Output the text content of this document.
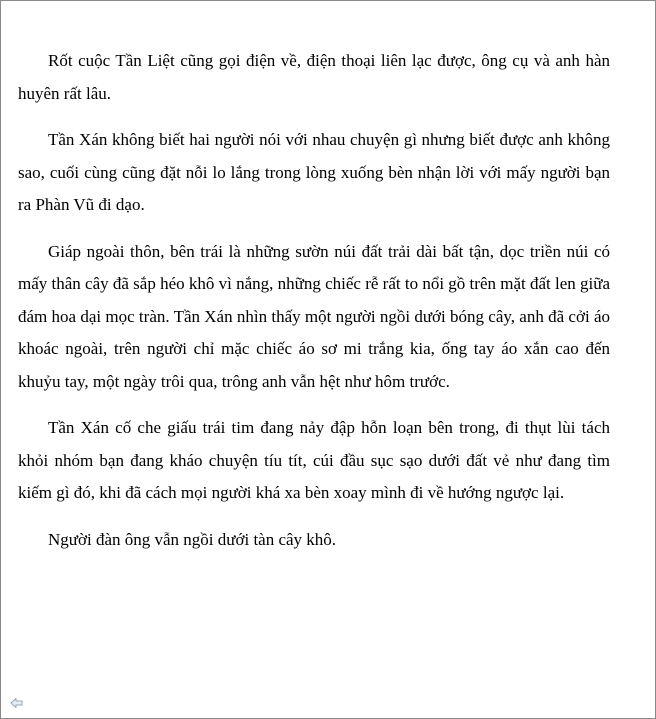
Rốt cuộc Tần Liệt cũng gọi điện về, điện thoại liên lạc được, ông cụ và anh hàn huyên rất lâu.

Tần Xán không biết hai người nói với nhau chuyện gì nhưng biết được anh không sao, cuối cùng cũng đặt nỗi lo lắng trong lòng xuống bèn nhận lời với mấy người bạn ra Phàn Vũ đi dạo.

Giáp ngoài thôn, bên trái là những sườn núi đất trải dài bất tận, dọc triền núi có mấy thân cây đã sắp héo khô vì nắng, những chiếc rễ rất to nổi gồ trên mặt đất len giữa đám hoa dại mọc tràn. Tần Xán nhìn thấy một người ngồi dưới bóng cây, anh đã cởi áo khoác ngoài, trên người chỉ mặc chiếc áo sơ mi trắng kia, ống tay áo xắn cao đến khuỷu tay, một ngày trôi qua, trông anh vẫn hệt như hôm trước.

Tần Xán cố che giấu trái tim đang nảy đập hỗn loạn bên trong, đi thụt lùi tách khỏi nhóm bạn đang kháo chuyện tíu tít, cúi đầu sục sạo dưới đất vẻ như đang tìm kiếm gì đó, khi đã cách mọi người khá xa bèn xoay mình đi về hướng ngược lại.

Người đàn ông vẫn ngồi dưới tàn cây khô.
